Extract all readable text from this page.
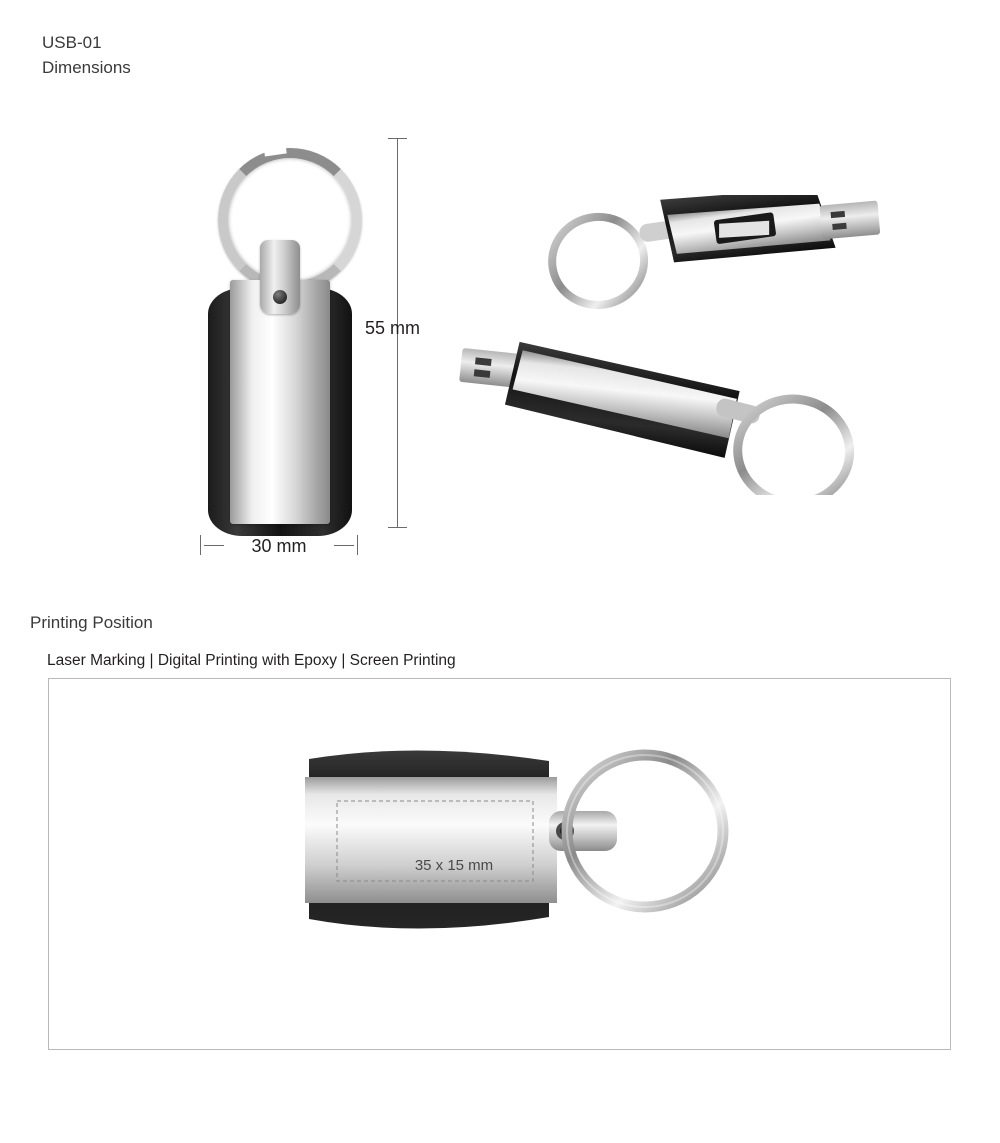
USB-01
Dimensions
55 mm
30 mm
Printing Position
Laser Marking | Digital Printing with Epoxy | Screen Printing
35 x 15 mm
